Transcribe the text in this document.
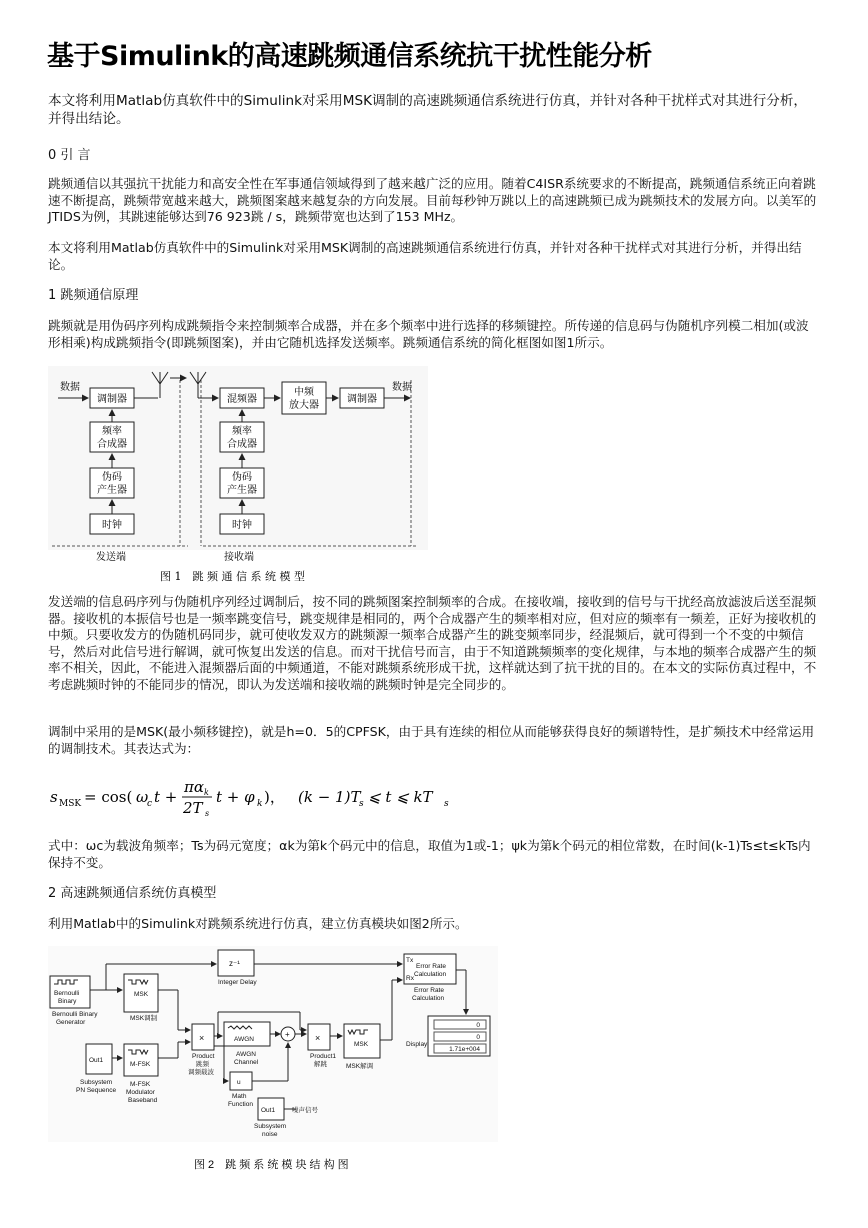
基于Simulink的高速跳频通信系统抗干扰性能分析

本文将利用Matlab仿真软件中的Simulink对采用MSK调制的高速跳频通信系统进行仿真，并针对各种干扰样式对其进行分析，并得出结论。

0 引 言

跳频通信以其强抗干扰能力和高安全性在军事通信领域得到了越来越广泛的应用。随着C4ISR系统要求的不断提高，跳频通信系统正向着跳速不断提高，跳频带宽越来越大，跳频图案越来越复杂的方向发展。目前每秒钟万跳以上的高速跳频已成为跳频技术的发展方向。以美军的JTIDS为例，其跳速能够达到76 923跳 / s，跳频带宽也达到了153 MHz。

本文将利用Matlab仿真软件中的Simulink对采用MSK调制的高速跳频通信系统进行仿真，并针对各种干扰样式对其进行分析，并得出结论。

1 跳频通信原理

跳频就是用伪码序列构成跳频指令来控制频率合成器，并在多个频率中进行选择的移频键控。所传递的信息码与伪随机序列模二相加(或波形相乘)构成跳频指令(即跳频图案)，并由它随机选择发送频率。跳频通信系统的简化框图如图1所示。

数据
调制器
频率
合成器
伪码
产生器
时钟
混频器
中频
放大器
调制器
数据
频率
合成器
伪码
产生器
时钟
发送端	接收端
图 1　跳 频 通 信 系 统 模 型

发送端的信息码序列与伪随机序列经过调制后，按不同的跳频图案控制频率的合成。在接收端，接收到的信号与干扰经高放滤波后送至混频器。接收机的本振信号也是一频率跳变信号，跳变规律是相同的，两个合成器产生的频率相对应，但对应的频率有一频差，正好为接收机的中频。只要收发方的伪随机码同步，就可使收发双方的跳频源一频率合成器产生的跳变频率同步，经混频后，就可得到一个不变的中频信号，然后对此信号进行解调，就可恢复出发送的信息。而对干扰信号而言，由于不知道跳频频率的变化规律，与本地的频率合成器产生的频率不相关，因此，不能进入混频器后面的中频通道，不能对跳频系统形成干扰，这样就达到了抗干扰的目的。在本文的实际仿真过程中，不考虑跳频时钟的不能同步的情况，即认为发送端和接收端的跳频时钟是完全同步的。

调制中采用的是MSK(最小频移键控)，就是h=0．5的CPFSK，由于具有连续的相位从而能够获得良好的频谱特性，是扩频技术中经常运用的调制技术。其表达式为：

s MSK = cos( ω
c t +
πα k
2T s
t + φ k )， (k − 1)T
s ⩽ t ⩽ kT s

式中：ωc为载波角频率；Ts为码元宽度；αk为第k个码元中的信息，取值为1或-1；ψk为第k个码元的相位常数，在时间(k-1)Ts≤t≤kTs内保持不变。

2 高速跳频通信系统仿真模型

利用Matlab中的Simulink对跳频系统进行仿真，建立仿真模块如图2所示。

Bernoulli
Binary
Bernoulli Binary
Generator
MSK
MSK调制
z⁻¹
Integer Delay
Tx
Rx
Error Rate
Calculation
Error Rate
Calculation
0
0
1.71e+004
Display
Out1
Subsystem
PN Sequence
M-FSK
M-FSK
Modulator
Baseband
×
Product
跳频
调频载波
AWGN
AWGN
Channel
+	×
Product1
解跳
MSK
MSK解调
u
Math
Function
Out1
Subsystem
noise
噪声信号
图 2　跳 频 系 统 模 块 结 构 图
